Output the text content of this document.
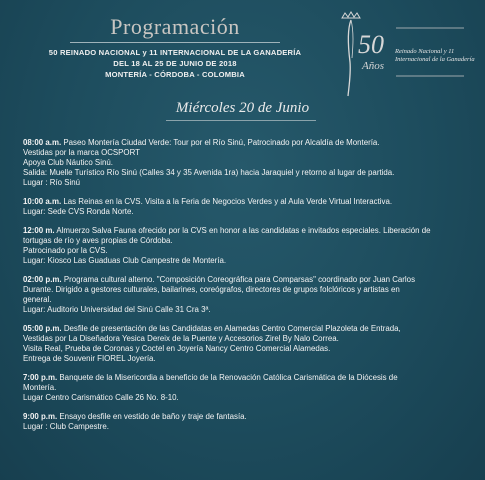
Programación
50 REINADO NACIONAL y 11 INTERNACIONAL DE LA GANADERÍA
DEL 18 AL 25 DE JUNIO DE 2018
MONTERÍA - CÓRDOBA - COLOMBIA
50
Años
Reinado Nacional y 11 Internacional de la Ganadería
Miércoles 20 de Junio
08:00 a.m. Paseo Montería Ciudad Verde: Tour por el Río Sinú, Patrocinado por Alcaldía de Montería.
Vestidas por la marca OCSPORT
Apoya Club Náutico Sinú.
Salida: Muelle Turístico Río Sinú (Calles 34 y 35 Avenida 1ra) hacia Jaraquiel y retorno al lugar de partida.
Lugar : Río Sinú
10:00 a.m. Las Reinas en la CVS. Visita a la Feria de Negocios Verdes y al Aula Verde Virtual Interactiva.
Lugar: Sede CVS Ronda Norte.
12:00 m. Almuerzo Salva Fauna ofrecido por la CVS en honor a las candidatas e invitados especiales. Liberación de
tortugas de río y aves propias de Córdoba.
Patrocinado por la CVS.
Lugar: Kiosco Las Guaduas Club Campestre de Montería.
02:00 p.m. Programa cultural alterno. "Composición Coreográfica para Comparsas" coordinado por Juan Carlos
Durante. Dirigido a gestores culturales, bailarines, coreógrafos, directores de grupos folclóricos y artistas en
general.
Lugar: Auditorio Universidad del Sinú Calle 31 Cra 3ª.
05:00 p.m. Desfile de presentación de las Candidatas en Alamedas Centro Comercial Plazoleta de Entrada,
Vestidas por La Diseñadora Yesica Dereix de la Puente y Accesorios Zirel By Nalo Correa.
Visita Real, Prueba de Coronas y Coctel en Joyería Nancy Centro Comercial Alamedas.
Entrega de Souvenir FIOREL Joyería.
7:00 p.m. Banquete de la Misericordia a beneficio de la Renovación Católica Carismática de la Diócesis de
Montería.
Lugar Centro Carismático Calle 26 No. 8-10.
9:00 p.m. Ensayo desfile en vestido de baño y traje de fantasía.
Lugar : Club Campestre.
